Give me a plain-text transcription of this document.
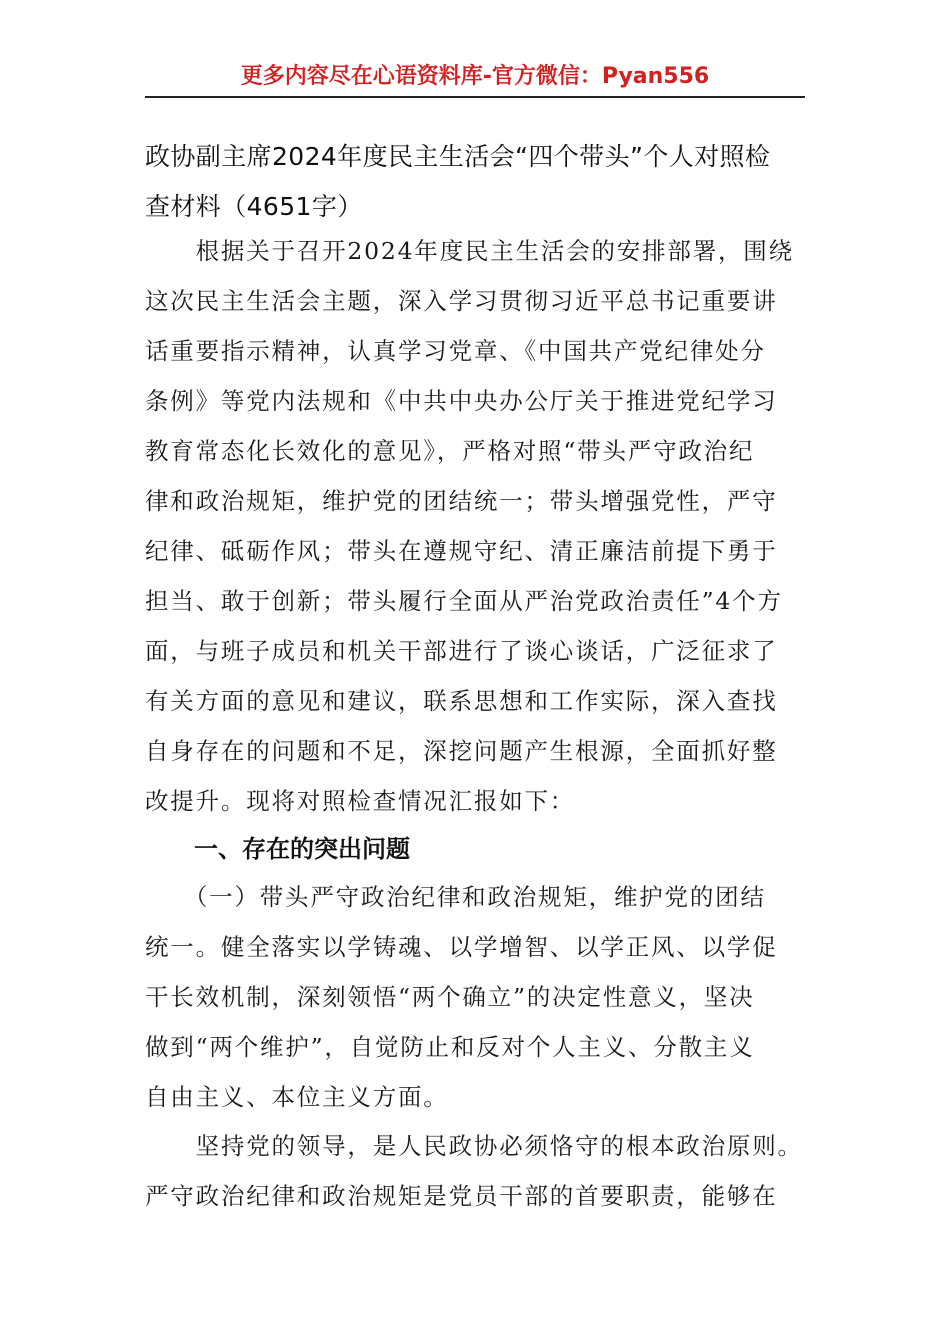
更多内容尽在心语资料库-官方微信：Pyan556
政协副主席2024年度民主生活会“四个带头”个人对照检
查材料（4651字）
　　根据关于召开2024年度民主生活会的安排部署，围绕
这次民主生活会主题，深入学习贯彻习近平总书记重要讲
话重要指示精神，认真学习党章、《中国共产党纪律处分
条例》等党内法规和《中共中央办公厅关于推进党纪学习
教育常态化长效化的意见》，严格对照“带头严守政治纪
律和政治规矩，维护党的团结统一；带头增强党性，严守
纪律、砥砺作风；带头在遵规守纪、清正廉洁前提下勇于
担当、敢于创新；带头履行全面从严治党政治责任”4个方
面，与班子成员和机关干部进行了谈心谈话，广泛征求了
有关方面的意见和建议，联系思想和工作实际，深入查找
自身存在的问题和不足，深挖问题产生根源，全面抓好整
改提升。现将对照检查情况汇报如下：
一、存在的突出问题
　　（一）带头严守政治纪律和政治规矩，维护党的团结
统一。健全落实以学铸魂、以学增智、以学正风、以学促
干长效机制，深刻领悟“两个确立”的决定性意义，坚决
做到“两个维护”，自觉防止和反对个人主义、分散主义
自由主义、本位主义方面。
　　坚持党的领导，是人民政协必须恪守的根本政治原则。
严守政治纪律和政治规矩是党员干部的首要职责，能够在
